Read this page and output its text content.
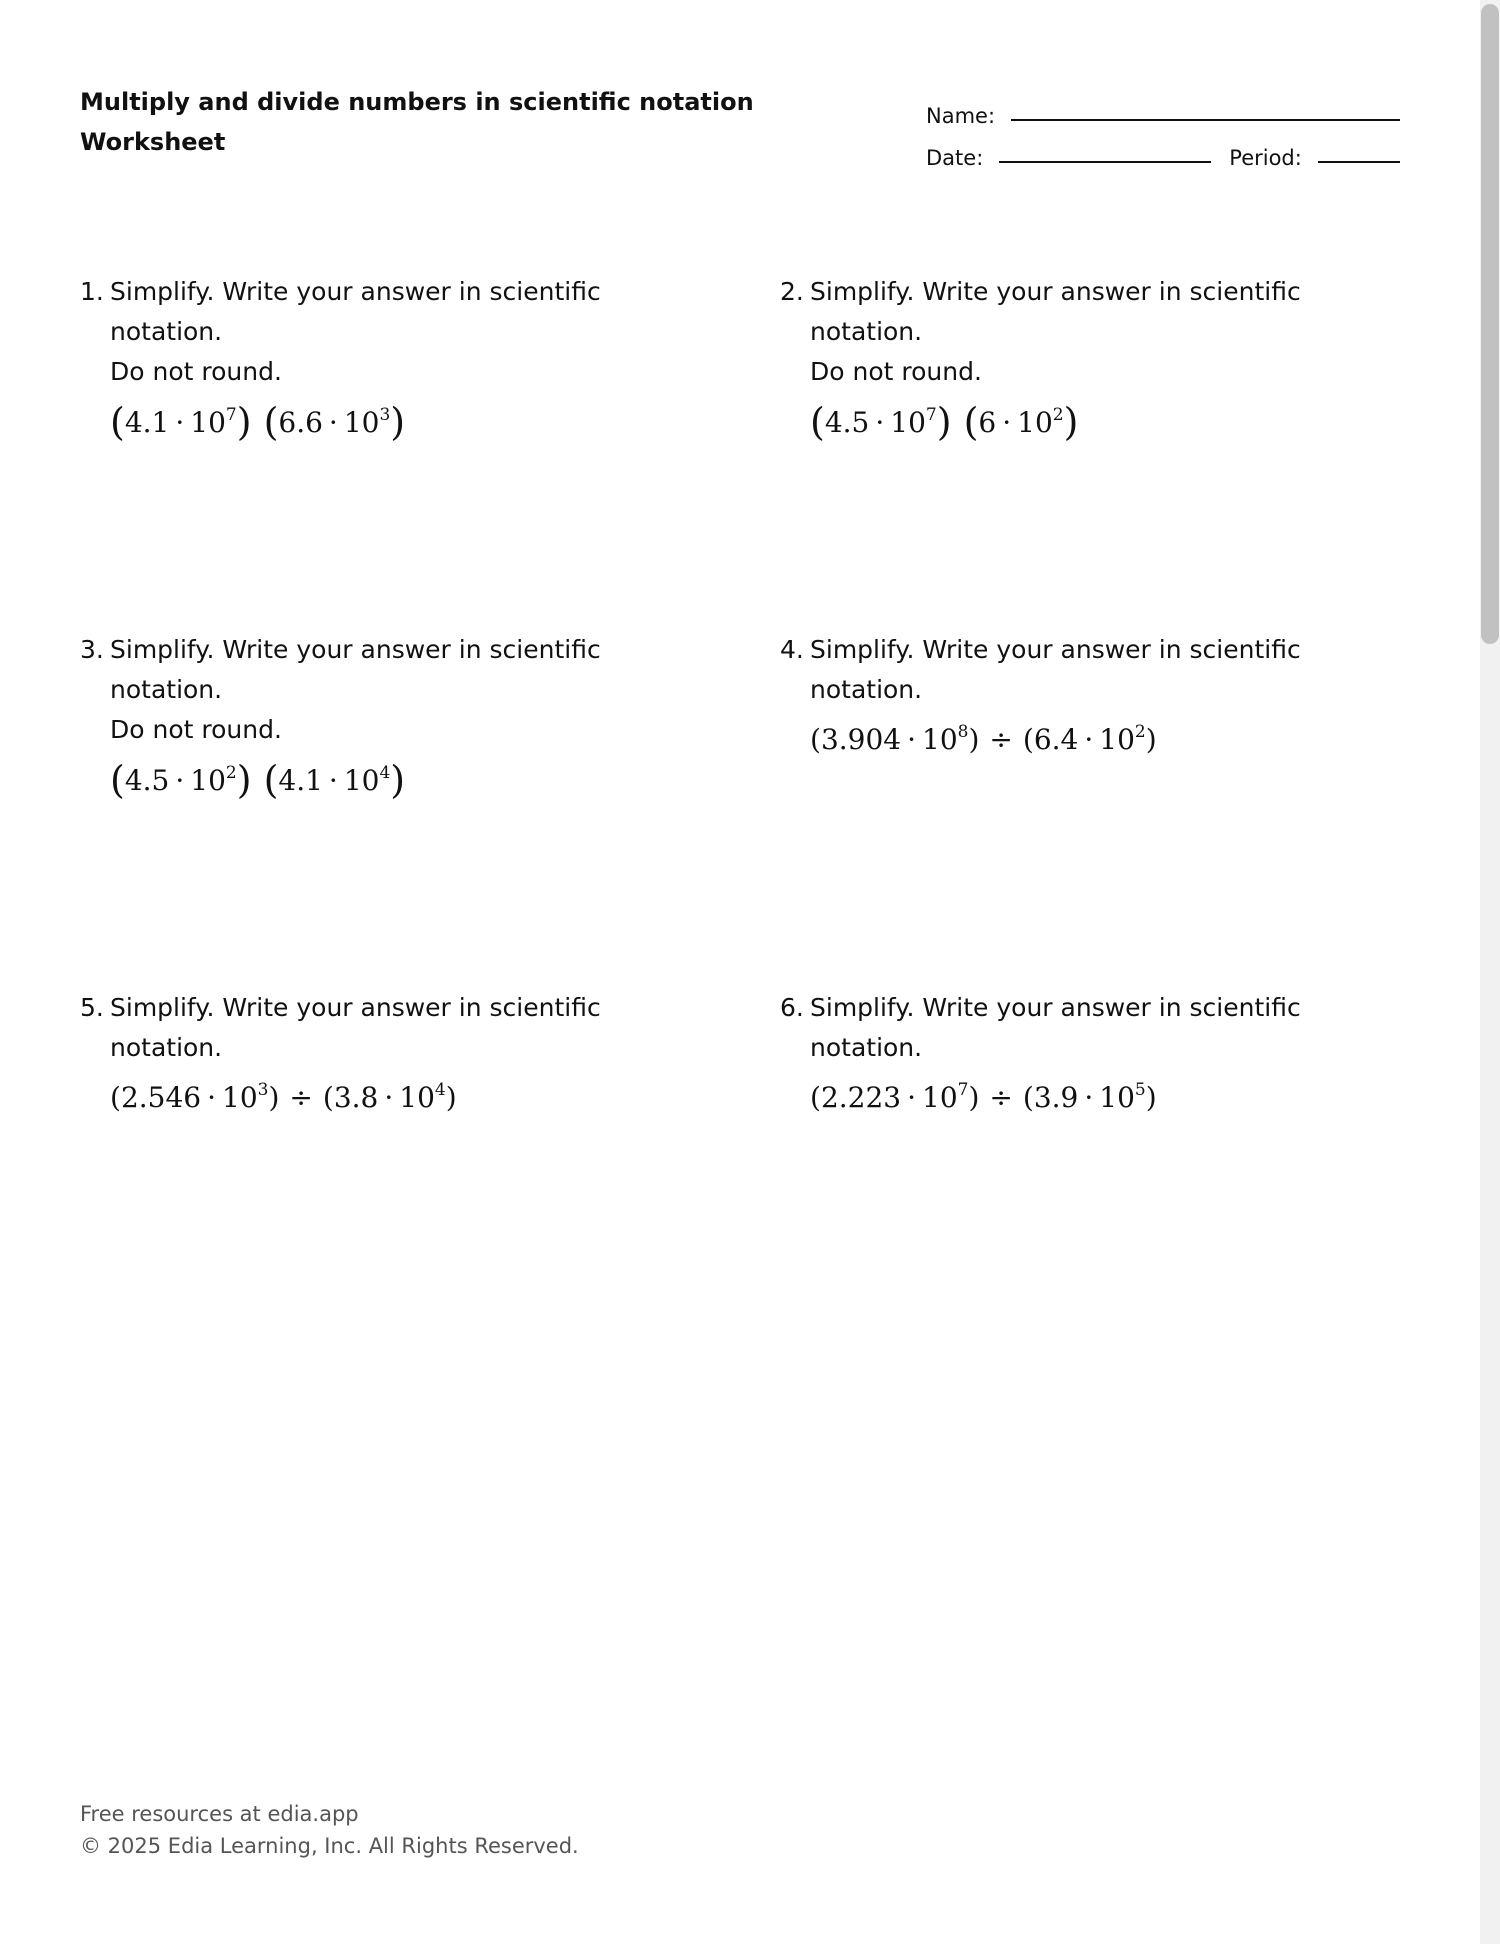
Multiply and divide numbers in scientific notation
Worksheet
Name:
Date:	Period:
1. Simplify. Write your answer in scientific notation.
Do not round.
$(4.1 \cdot 10^7)$ $(6.6 \cdot 10^3)$
2. Simplify. Write your answer in scientific notation.
Do not round.
$(4.5 \cdot 10^7)$ $(6 \cdot 10^2)$
3. Simplify. Write your answer in scientific notation.
Do not round.
$(4.5 \cdot 10^2)$ $(4.1 \cdot 10^4)$
4. Simplify. Write your answer in scientific notation.
$(3.904 \cdot 10^8) \div (6.4 \cdot 10^2)$
5. Simplify. Write your answer in scientific notation.
$(2.546 \cdot 10^3) \div (3.8 \cdot 10^4)$
6. Simplify. Write your answer in scientific notation.
$(2.223 \cdot 10^7) \div (3.9 \cdot 10^5)$
Free resources at edia.app
© 2025 Edia Learning, Inc. All Rights Reserved.
